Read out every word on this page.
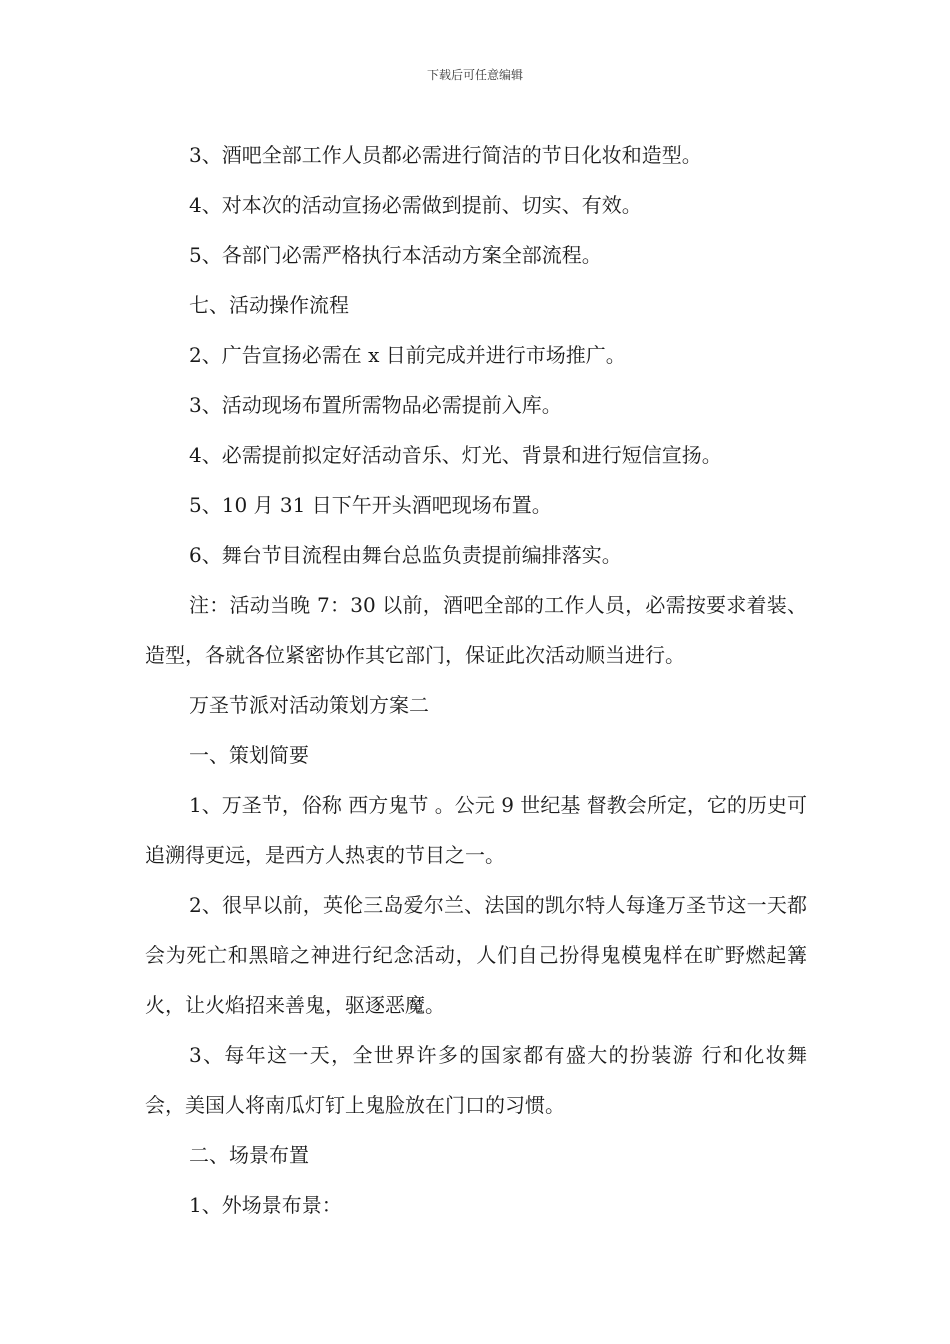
下载后可任意编辑

3、酒吧全部工作人员都必需进行简洁的节日化妆和造型。

4、对本次的活动宣扬必需做到提前、切实、有效。

5、各部门必需严格执行本活动方案全部流程。

七、活动操作流程

2、广告宣扬必需在 x 日前完成并进行市场推广。

3、活动现场布置所需物品必需提前入库。

4、必需提前拟定好活动音乐、灯光、背景和进行短信宣扬。

5、10 月 31 日下午开头酒吧现场布置。

6、舞台节目流程由舞台总监负责提前编排落实。

注：活动当晚 7：30 以前，酒吧全部的工作人员，必需按要求着装、造型，各就各位紧密协作其它部门，保证此次活动顺当进行。

万圣节派对活动策划方案二

一、策划简要

1、万圣节，俗称 西方鬼节 。公元 9 世纪基 督教会所定，它的历史可追溯得更远，是西方人热衷的节目之一。

2、很早以前，英伦三岛爱尔兰、法国的凯尔特人每逢万圣节这一天都会为死亡和黑暗之神进行纪念活动，人们自己扮得鬼模鬼样在旷野燃起篝火，让火焰招来善鬼，驱逐恶魔。

3、每年这一天，全世界许多的国家都有盛大的扮装游 行和化妆舞会，美国人将南瓜灯钉上鬼脸放在门口的习惯。

二、场景布置

1、外场景布景：
